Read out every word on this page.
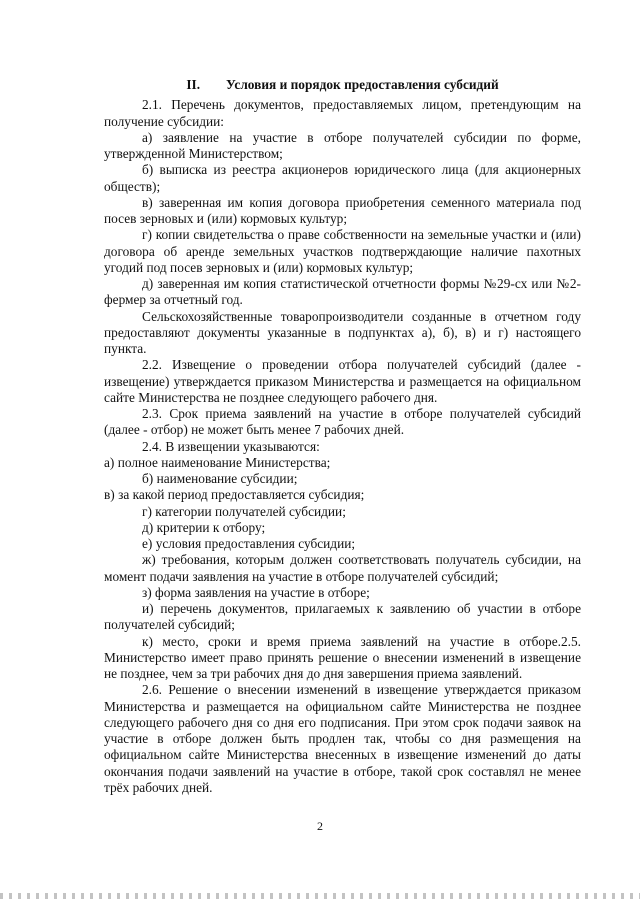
II. Условия и порядок предоставления субсидий

2.1. Перечень документов, предоставляемых лицом, претендующим на получение субсидии:

а) заявление на участие в отборе получателей субсидии по форме, утвержденной Министерством;

б) выписка из реестра акционеров юридического лица (для акционерных обществ);

в) заверенная им копия договора приобретения семенного материала под посев зерновых и (или) кормовых культур;

г) копии свидетельства о праве собственности на земельные участки и (или) договора об аренде земельных участков подтверждающие наличие пахотных угодий под посев зерновых и (или) кормовых культур;

д) заверенная им копия статистической отчетности формы №29-сх или №2-фермер за отчетный год.

Сельскохозяйственные товаропроизводители созданные в отчетном году предоставляют документы указанные в подпунктах а), б), в) и г) настоящего пункта.

2.2. Извещение о проведении отбора получателей субсидий (далее - извещение) утверждается приказом Министерства и размещается на официальном сайте Министерства не позднее следующего рабочего дня.

2.3. Срок приема заявлений на участие в отборе получателей субсидий (далее - отбор) не может быть менее 7 рабочих дней.

2.4. В извещении указываются:

а) полное наименование Министерства;

б) наименование субсидии;

в) за какой период предоставляется субсидия;

г) категории получателей субсидии;

д) критерии к отбору;

е) условия предоставления субсидии;

ж) требования, которым должен соответствовать получатель субсидии, на момент подачи заявления на участие в отборе получателей субсидий;

з) форма заявления на участие в отборе;

и) перечень документов, прилагаемых к заявлению об участии в отборе получателей субсидий;

к) место, сроки и время приема заявлений на участие в отборе.2.5. Министерство имеет право принять решение о внесении изменений в извещение не позднее, чем за три рабочих дня до дня завершения приема заявлений.

2.6. Решение о внесении изменений в извещение утверждается приказом Министерства и размещается на официальном сайте Министерства не позднее следующего рабочего дня со дня его подписания. При этом срок подачи заявок на участие в отборе должен быть продлен так, чтобы со дня размещения на официальном сайте Министерства внесенных в извещение изменений до даты окончания подачи заявлений на участие в отборе, такой срок составлял не менее трёх рабочих дней.

2
